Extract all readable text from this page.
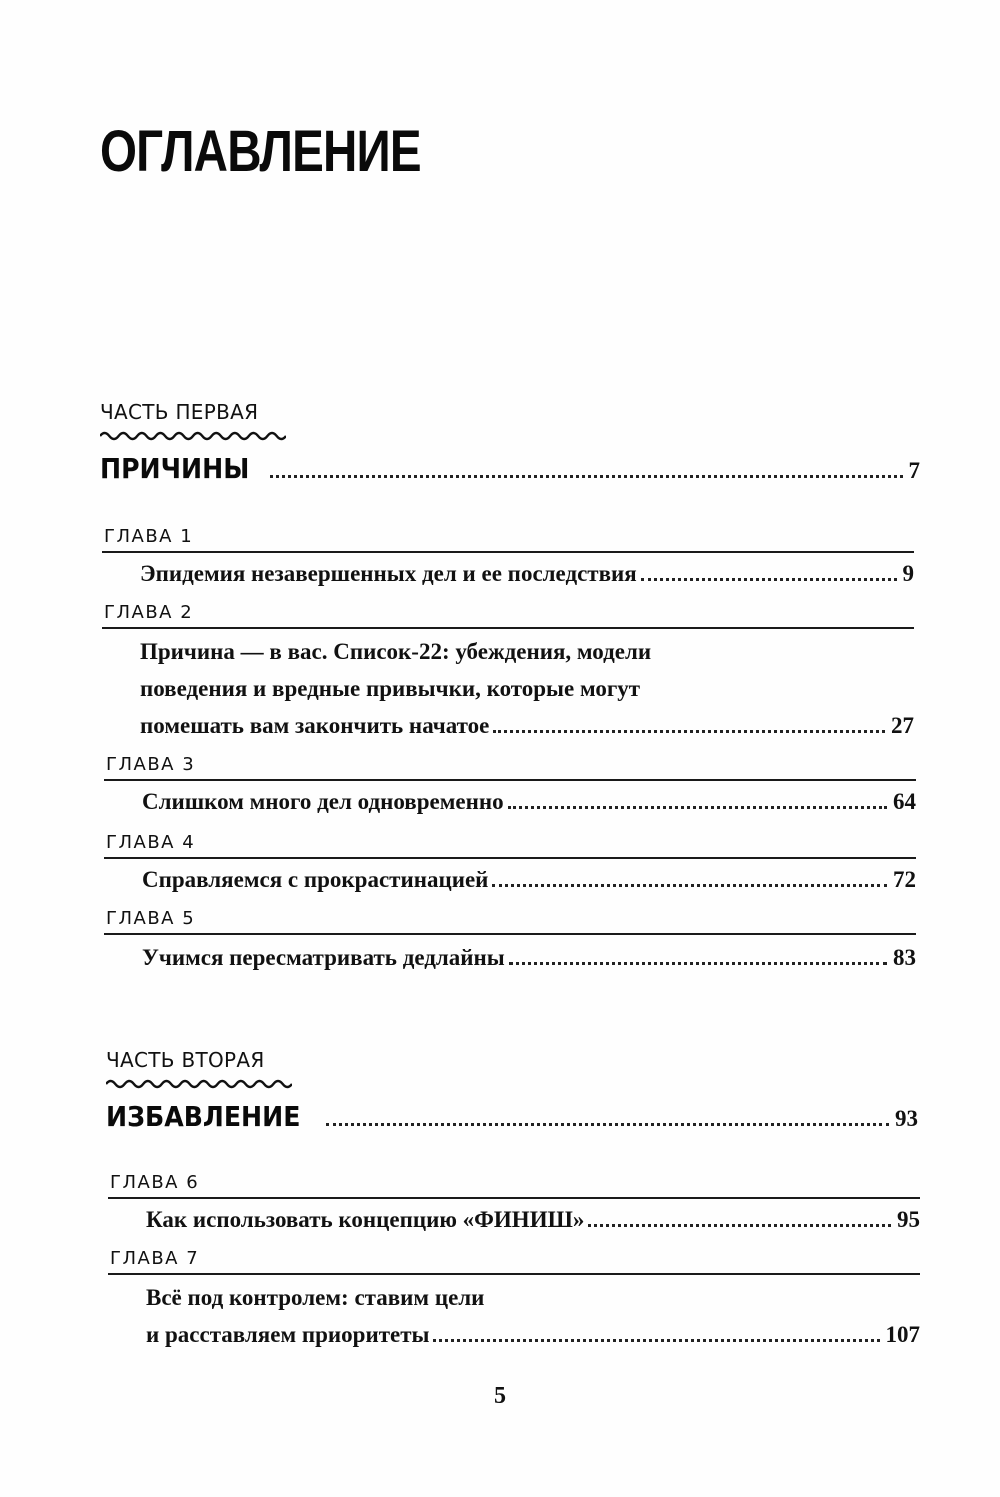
ОГЛАВЛЕНИЕ
ЧАСТЬ ПЕРВАЯ
ПРИЧИНЫ	7
ГЛАВА 1
Эпидемия незавершенных дел и ее последствия	9
ГЛАВА 2
Причина — в вас. Список-22: убеждения, модели
поведения и вредные привычки, которые могут
помешать вам закончить начатое	27
ГЛАВА 3
Слишком много дел одновременно	64
ГЛАВА 4
Справляемся с прокрастинацией	72
ГЛАВА 5
Учимся пересматривать дедлайны	83
ЧАСТЬ ВТОРАЯ
ИЗБАВЛЕНИЕ	93
ГЛАВА 6
Как использовать концепцию «ФИНИШ»	95
ГЛАВА 7
Всё под контролем: ставим цели
и расставляем приоритеты	107
5
